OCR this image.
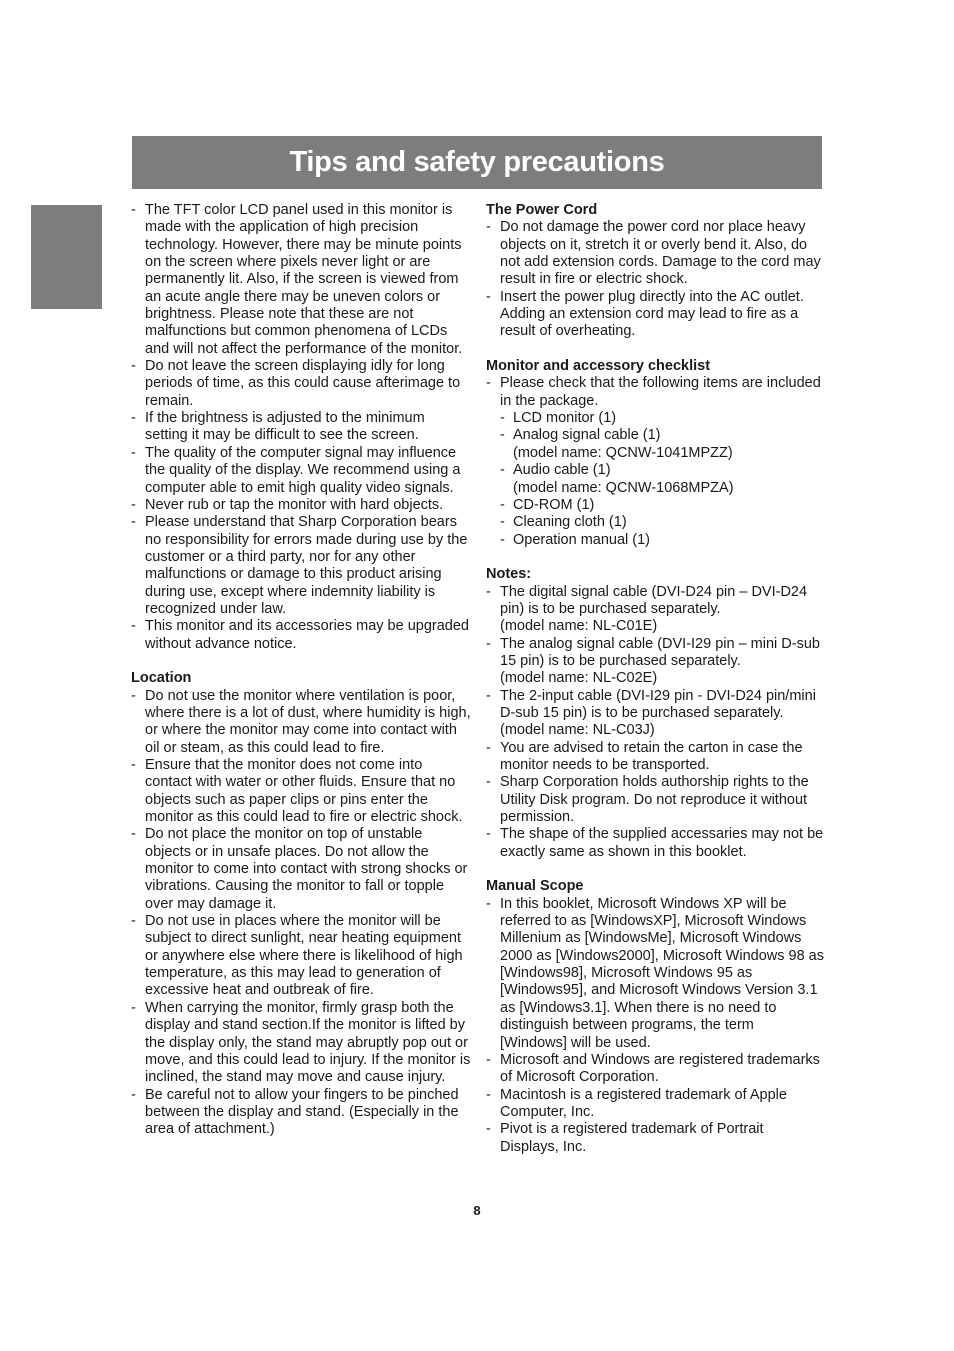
Tips and safety precautions
- The TFT color LCD panel used in this monitor is made with the application of high precision technology. However, there may be minute points on the screen where pixels never light or are permanently lit. Also, if the screen is viewed from an acute angle there may be uneven colors or brightness. Please note that these are not malfunctions but common phenomena of LCDs and will not affect the performance of the monitor.
- Do not leave the screen displaying idly for long periods of time, as this could cause afterimage to remain.
- If the brightness is adjusted to the minimum setting it may be difficult to see the screen.
- The quality of the computer signal may influence the quality of the display. We recommend using a computer able to emit high quality video signals.
- Never rub or tap the monitor with hard objects.
- Please understand that Sharp Corporation bears no responsibility for errors made during use by the customer or a third party, nor for any other malfunctions or damage to this product arising during use, except where indemnity liability is recognized under law.
- This monitor and its accessories may be upgraded without advance notice.
Location
- Do not use the monitor where ventilation is poor, where there is a lot of dust, where humidity is high, or where the monitor may come into contact with oil or steam, as this could lead to fire.
- Ensure that the monitor does not come into contact with water or other fluids. Ensure that no objects such as paper clips or pins enter the monitor as this could lead to fire or electric shock.
- Do not place the monitor on top of unstable objects or in unsafe places. Do not allow the monitor to come into contact with strong shocks or vibrations. Causing the monitor to fall or topple over may damage it.
- Do not use in places where the monitor will be subject to direct sunlight, near heating equipment or anywhere else where there is likelihood of high temperature, as this may lead to generation of excessive heat and outbreak of fire.
- When carrying the monitor, firmly grasp both the display and stand section.If the monitor is lifted by the display only, the stand may abruptly pop out or move, and this could lead to injury. If the monitor is inclined, the stand may move and cause injury.
- Be careful not to allow your fingers to be pinched between the display and stand. (Especially in the area of attachment.)
The Power Cord
- Do not damage the power cord nor place heavy objects on it, stretch it or overly bend it. Also, do not add extension cords. Damage to the cord may result in fire or electric shock.
- Insert the power plug directly into the AC outlet. Adding an extension cord may lead to fire as a result of overheating.
Monitor and accessory checklist
- Please check that the following items are included in the package.
- LCD monitor (1)
- Analog signal cable (1)
(model name: QCNW-1041MPZZ)
- Audio cable (1)
(model name: QCNW-1068MPZA)
- CD-ROM (1)
- Cleaning cloth (1)
- Operation manual (1)
Notes:
- The digital signal cable (DVI-D24 pin – DVI-D24 pin) is to be purchased separately.
(model name: NL-C01E)
- The analog signal cable (DVI-I29 pin – mini D-sub 15 pin) is to be purchased separately.
(model name: NL-C02E)
- The 2-input cable (DVI-I29 pin - DVI-D24 pin/mini D-sub 15 pin) is to be purchased separately.
(model name: NL-C03J)
- You are advised to retain the carton in case the monitor needs to be transported.
- Sharp Corporation holds authorship rights to the Utility Disk program. Do not reproduce it without permission.
- The shape of the supplied accessaries may not be exactly same as shown in this booklet.
Manual Scope
- In this booklet, Microsoft Windows XP will be referred to as [WindowsXP], Microsoft Windows Millenium as [WindowsMe], Microsoft Windows 2000 as [Windows2000], Microsoft Windows 98 as [Windows98], Microsoft Windows 95 as [Windows95], and Microsoft Windows Version 3.1 as [Windows3.1]. When there is no need to distinguish between programs, the term [Windows] will be used.
- Microsoft and Windows are registered trademarks of Microsoft Corporation.
- Macintosh is a registered trademark of Apple Computer, Inc.
- Pivot is a registered trademark of Portrait Displays, Inc.
8
